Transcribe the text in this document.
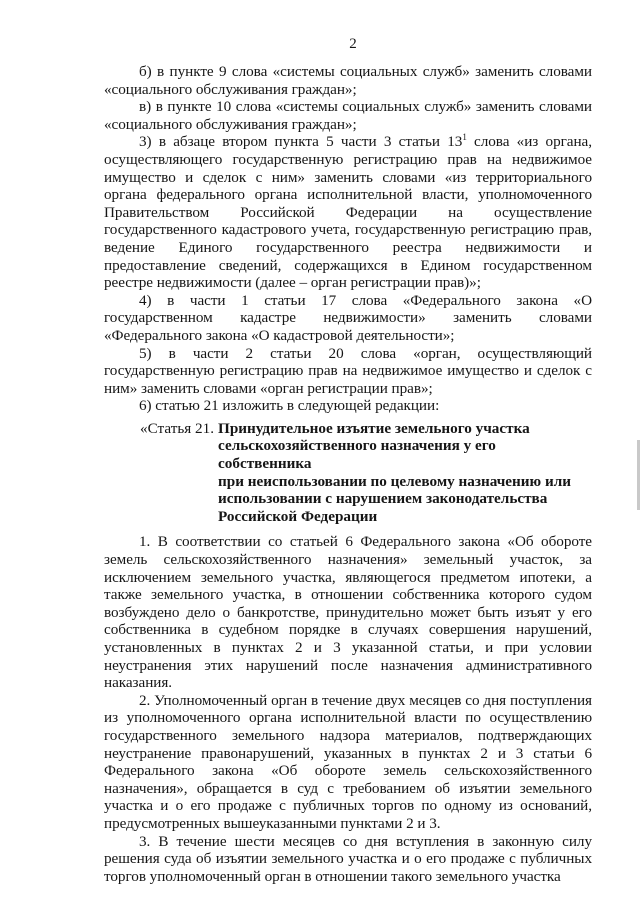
2

б) в пункте 9 слова «системы социальных служб» заменить словами «социального обслуживания граждан»;

в) в пункте 10 слова «системы социальных служб» заменить словами «социального обслуживания граждан»;

3) в абзаце втором пункта 5 части 3 статьи $13^1$ слова «из органа, осуществляющего государственную регистрацию прав на недвижимое имущество и сделок с ним» заменить словами «из территориального органа федерального органа исполнительной власти, уполномоченного Правительством Российской Федерации на осуществление государственного кадастрового учета, государственную регистрацию прав, ведение Единого государственного реестра недвижимости и предоставление сведений, содержащихся в Едином государственном реестре недвижимости (далее – орган регистрации прав)»;

4) в части 1 статьи 17 слова «Федерального закона «О государственном кадастре недвижимости» заменить словами «Федерального закона «О кадастровой деятельности»;

5) в части 2 статьи 20 слова «орган, осуществляющий государственную регистрацию прав на недвижимое имущество и сделок с ним» заменить словами «орган регистрации прав»;

6) статью 21 изложить в следующей редакции:

«Статья 21. Принудительное изъятие земельного участка
сельскохозяйственного назначения у его собственника
при неиспользовании по целевому назначению или
использовании с нарушением законодательства
Российской Федерации

1. В соответствии со статьей 6 Федерального закона «Об обороте земель сельскохозяйственного назначения» земельный участок, за исключением земельного участка, являющегося предметом ипотеки, а также земельного участка, в отношении собственника которого судом возбуждено дело о банкротстве, принудительно может быть изъят у его собственника в судебном порядке в случаях совершения нарушений, установленных в пунктах 2 и 3 указанной статьи, и при условии неустранения этих нарушений после назначения административного наказания.

2. Уполномоченный орган в течение двух месяцев со дня поступления из уполномоченного органа исполнительной власти по осуществлению государственного земельного надзора материалов, подтверждающих неустранение правонарушений, указанных в пунктах 2 и 3 статьи 6 Федерального закона «Об обороте земель сельскохозяйственного назначения», обращается в суд с требованием об изъятии земельного участка и о его продаже с публичных торгов по одному из оснований, предусмотренных вышеуказанными пунктами 2 и 3.

3. В течение шести месяцев со дня вступления в законную силу решения суда об изъятии земельного участка и о его продаже с публичных торгов уполномоченный орган в отношении такого земельного участка
